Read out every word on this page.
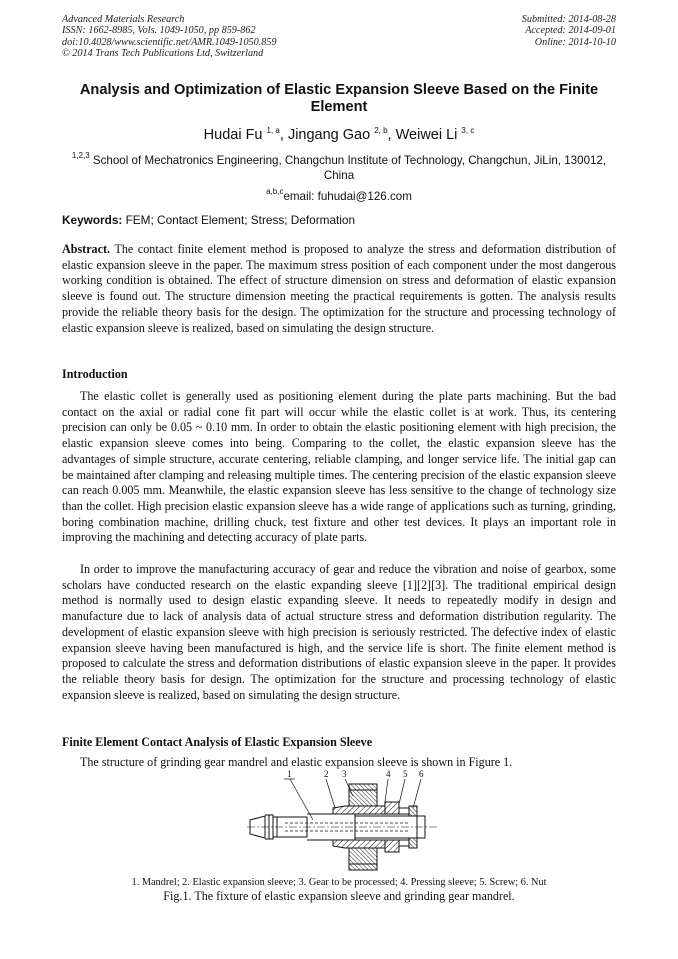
Advanced Materials Research
ISSN: 1662-8985, Vols. 1049-1050, pp 859-862
doi:10.4028/www.scientific.net/AMR.1049-1050.859
© 2014 Trans Tech Publications Ltd, Switzerland
Submitted: 2014-08-28
Accepted: 2014-09-01
Online: 2014-10-10
Analysis and Optimization of Elastic Expansion Sleeve Based on the Finite Element
Hudai Fu $^{1, a}$, Jingang Gao $^{2, b}$, Weiwei Li $^{3, c}$
$^{1,2,3}$ School of Mechatronics Engineering, Changchun Institute of Technology, Changchun, JiLin, 130012, China
$^{a,b,c}$email: fuhudai@126.com
Keywords: FEM; Contact Element; Stress; Deformation
Abstract. The contact finite element method is proposed to analyze the stress and deformation distribution of elastic expansion sleeve in the paper. The maximum stress position of each component under the most dangerous working condition is obtained. The effect of structure dimension on stress and deformation of elastic expansion sleeve is found out. The structure dimension meeting the practical requirements is gotten. The analysis results provide the reliable theory basis for the design. The optimization for the structure and processing technology of elastic expansion sleeve is realized, based on simulating the design structure.
Introduction
The elastic collet is generally used as positioning element during the plate parts machining. But the bad contact on the axial or radial cone fit part will occur while the elastic collet is at work. Thus, its centering precision can only be 0.05 ~ 0.10 mm. In order to obtain the elastic positioning element with high precision, the elastic expansion sleeve comes into being. Comparing to the collet, the elastic expansion sleeve has the advantages of simple structure, accurate centering, reliable clamping, and longer service life. The initial gap can be maintained after clamping and releasing multiple times. The centering precision of the elastic expansion sleeve can reach 0.005 mm. Meanwhile, the elastic expansion sleeve has less sensitive to the change of technology size than the collet. High precision elastic expansion sleeve has a wide range of applications such as turning, grinding, boring combination machine, drilling chuck, test fixture and other test devices. It plays an important role in improving the machining and detecting accuracy of plate parts.
In order to improve the manufacturing accuracy of gear and reduce the vibration and noise of gearbox, some scholars have conducted research on the elastic expanding sleeve [1][2][3]. The traditional empirical design method is normally used to design elastic expanding sleeve. It needs to repeatedly modify in design and manufacture due to lack of analysis data of actual structure stress and deformation distribution regularity. The development of elastic expansion sleeve with high precision is seriously restricted. The defective index of elastic expansion sleeve having been manufactured is high, and the service life is short. The finite element method is proposed to calculate the stress and deformation distributions of elastic expansion sleeve in the paper. It provides the reliable theory basis for design. The optimization for the structure and processing technology of elastic expansion sleeve is realized, based on simulating the design structure.
Finite Element Contact Analysis of Elastic Expansion Sleeve
The structure of grinding gear mandrel and elastic expansion sleeve is shown in Figure 1.
1	2 3	4 5 6
1. Mandrel; 2. Elastic expansion sleeve; 3. Gear to be processed; 4. Pressing sleeve; 5. Screw; 6. Nut
Fig.1. The fixture of elastic expansion sleeve and grinding gear mandrel.
